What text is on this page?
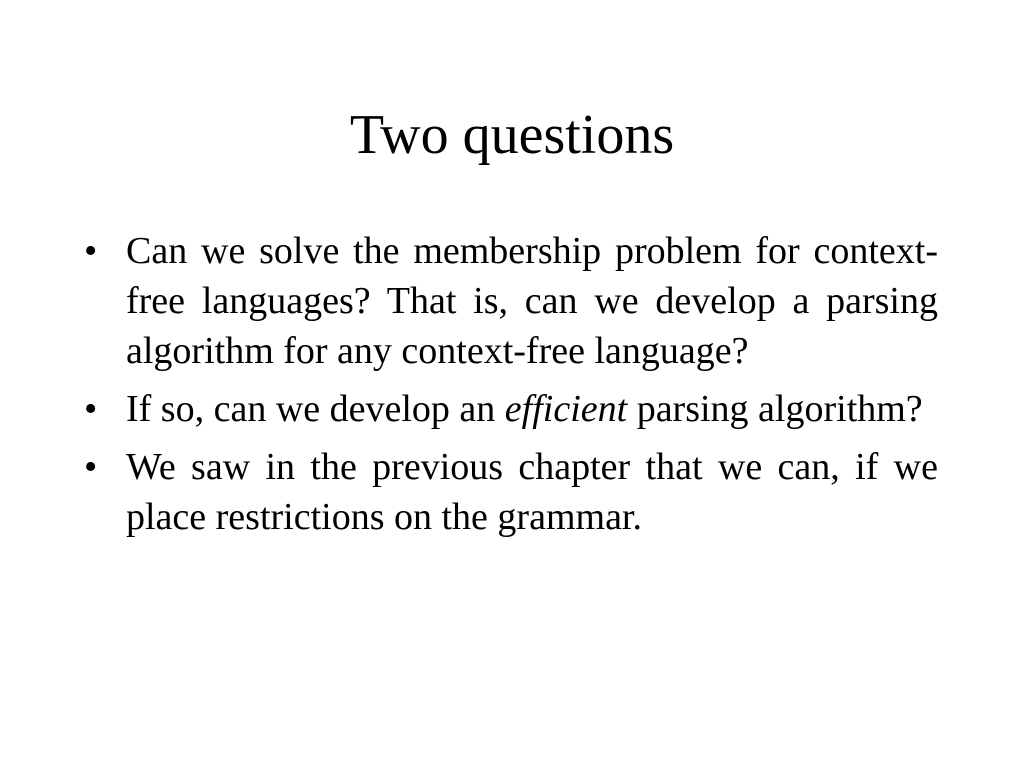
Two questions
• Can we solve the membership problem for context-free languages? That is, can we develop a parsing algorithm for any context-free language?
• If so, can we develop an efficient parsing algorithm?
• We saw in the previous chapter that we can, if we place restrictions on the grammar.
